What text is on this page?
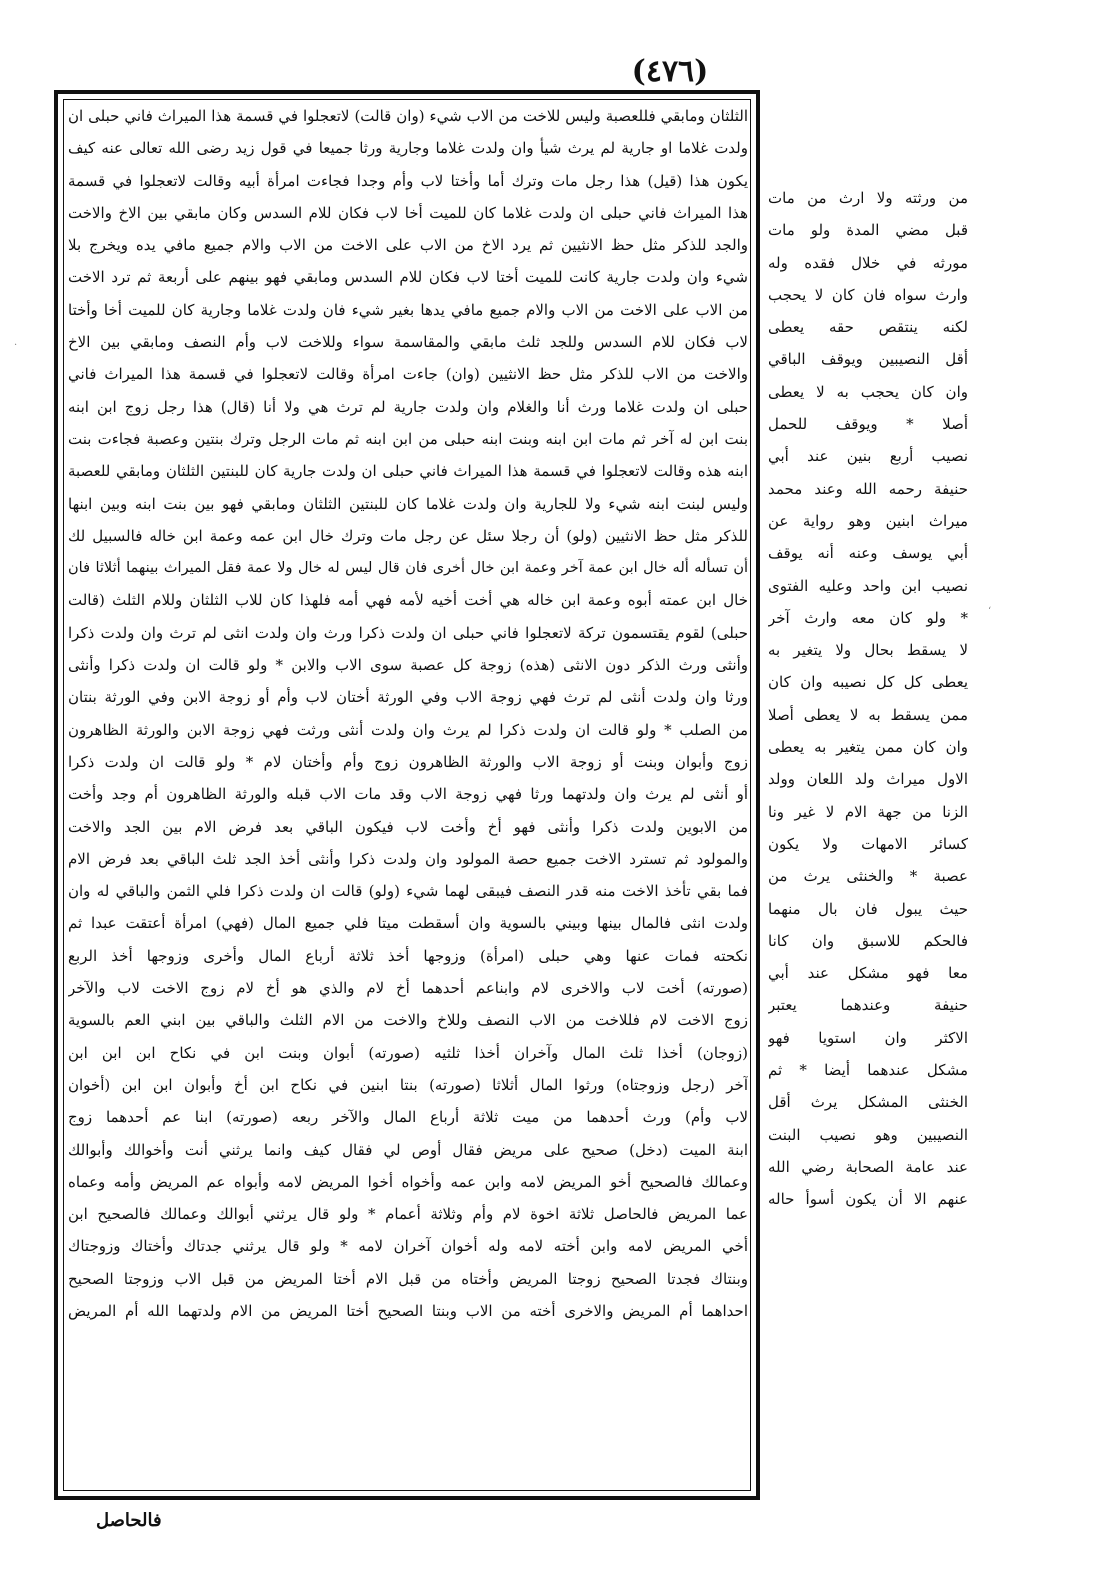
(٤٧٦)
الثلثان ومابقي فللعصبة وليس للاخت من الاب شيء (وان قالت) لاتعجلوا في قسمة هذا الميراث فاني حبلى ان
ولدت غلاما او جارية لم يرث شيأ وان ولدت غلاما وجارية ورثا جميعا في قول زيد رضى الله تعالى عنه كيف
يكون هذا (قيل) هذا رجل مات وترك أما وأختا لاب وأم وجدا فجاءت امرأة أبيه وقالت لاتعجلوا في قسمة
هذا الميراث فاني حبلى ان ولدت غلاما كان للميت أخا لاب فكان للام السدس وكان مابقي بين الاخ والاخت
والجد للذكر مثل حظ الانثيين ثم يرد الاخ من الاب على الاخت من الاب والام جميع مافي يده ويخرج بلا
شيء وان ولدت جارية كانت للميت أختا لاب فكان للام السدس ومابقي فهو بينهم على أربعة ثم ترد الاخت
من الاب على الاخت من الاب والام جميع مافي يدها بغير شيء فان ولدت غلاما وجارية كان للميت أخا وأختا
لاب فكان للام السدس وللجد ثلث مابقي والمقاسمة سواء وللاخت لاب وأم النصف ومابقي بين الاخ
والاخت من الاب للذكر مثل حظ الانثيين (وان) جاءت امرأة وقالت لاتعجلوا في قسمة هذا الميراث فاني
حبلى ان ولدت غلاما ورث أنا والغلام وان ولدت جارية لم ترث هي ولا أنا (قال) هذا رجل زوج ابن ابنه
بنت ابن له آخر ثم مات ابن ابنه وبنت ابنه حبلى من ابن ابنه ثم مات الرجل وترك بنتين وعصبة فجاءت بنت
ابنه هذه وقالت لاتعجلوا في قسمة هذا الميراث فاني حبلى ان ولدت جارية كان للبنتين الثلثان ومابقي للعصبة
وليس لبنت ابنه شيء ولا للجارية وان ولدت غلاما كان للبنتين الثلثان ومابقي فهو بين بنت ابنه وبين ابنها
للذكر مثل حظ الانثيين (ولو) أن رجلا سئل عن رجل مات وترك خال ابن عمه وعمة ابن خاله فالسبيل لك
أن تسأله أله خال ابن عمة آخر وعمة ابن خال أخرى فان قال ليس له خال ولا عمة فقل الميراث بينهما أثلاثا فان
خال ابن عمته أبوه وعمة ابن خاله هي أخت أخيه لأمه فهي أمه فلهذا كان للاب الثلثان وللام الثلث (قالت
حبلى) لقوم يقتسمون تركة لاتعجلوا فاني حبلى ان ولدت ذكرا ورث وان ولدت انثى لم ترث وان ولدت ذكرا
وأنثى ورث الذكر دون الانثى (هذه) زوجة كل عصبة سوى الاب والابن * ولو قالت ان ولدت ذكرا وأنثى
ورثا وان ولدت أنثى لم ترث فهي زوجة الاب وفي الورثة أختان لاب وأم أو زوجة الابن وفي الورثة بنتان
من الصلب * ولو قالت ان ولدت ذكرا لم يرث وان ولدت أنثى ورثت فهي زوجة الابن والورثة الظاهرون
زوج وأبوان وبنت أو زوجة الاب والورثة الظاهرون زوج وأم وأختان لام * ولو قالت ان ولدت ذكرا
أو أنثى لم يرث وان ولدتهما ورثا فهي زوجة الاب وقد مات الاب قبله والورثة الظاهرون أم وجد وأخت
من الابوين ولدت ذكرا وأنثى فهو أخ وأخت لاب فيكون الباقي بعد فرض الام بين الجد والاخت
والمولود ثم تسترد الاخت جميع حصة المولود وان ولدت ذكرا وأنثى أخذ الجد ثلث الباقي بعد فرض الام
فما بقي تأخذ الاخت منه قدر النصف فيبقى لهما شيء (ولو) قالت ان ولدت ذكرا فلي الثمن والباقي له وان
ولدت انثى فالمال بينها وبيني بالسوية وان أسقطت ميتا فلي جميع المال (فهي) امرأة أعتقت عبدا ثم
نكحته فمات عنها وهي حبلى (امرأة) وزوجها أخذ ثلاثة أرباع المال وأخرى وزوجها أخذ الربع
(صورته) أخت لاب والاخرى لام وابناعم أحدهما أخ لام والذي هو أخ لام زوج الاخت لاب والآخر
زوج الاخت لام فللاخت من الاب النصف وللاخ والاخت من الام الثلث والباقي بين ابني العم بالسوية
(زوجان) أخذا ثلث المال وآخران أخذا ثلثيه (صورته) أبوان وبنت ابن في نكاح ابن ابن ابن
آخر (رجل وزوجتاه) ورثوا المال أثلاثا (صورته) بنتا ابنين في نكاح ابن أخ وأبوان ابن ابن (أخوان
لاب وأم) ورث أحدهما من ميت ثلاثة أرباع المال والآخر ربعه (صورته) ابنا عم أحدهما زوج
ابنة الميت (دخل) صحيح على مريض فقال أوص لي فقال كيف وانما يرثني أنت وأخوالك وأبوالك
وعمالك فالصحيح أخو المريض لامه وابن عمه وأخواه أخوا المريض لامه وأبواه عم المريض وأمه وعماه
عما المريض فالحاصل ثلاثة اخوة لام وأم وثلاثة أعمام * ولو قال يرثني أبوالك وعمالك فالصحيح ابن
أخي المريض لامه وابن أخته لامه وله أخوان آخران لامه * ولو قال يرثني جدتاك وأختاك وزوجتاك
وبنتاك فجدتا الصحيح زوجتا المريض وأختاه من قبل الام أختا المريض من قبل الاب وزوجتا الصحيح
احداهما أم المريض والاخرى أخته من الاب وبنتا الصحيح أختا المريض من الام ولدتهما الله أم المريض
من ورثته ولا ارث من مات
قبل مضي المدة ولو مات
مورثه في خلال فقده وله
وارث سواه فان كان لا يحجب
لكنه ينتقص حقه يعطى
أقل النصيبين ويوقف الباقي
وان كان يحجب به لا يعطى
أصلا * ويوقف للحمل
نصيب أربع بنين عند أبي
حنيفة رحمه الله وعند محمد
ميراث ابنين وهو رواية عن
أبي يوسف وعنه أنه يوقف
نصيب ابن واحد وعليه الفتوى
* ولو كان معه وارث آخر
لا يسقط بحال ولا يتغير به
يعطى كل كل نصيبه وان كان
ممن يسقط به لا يعطى أصلا
وان كان ممن يتغير به يعطى
الاول ميراث ولد اللعان وولد
الزنا من جهة الام لا غير ونا
كسائر الامهات ولا يكون
عصبة * والخنثى يرث من
حيث يبول فان بال منهما
فالحكم للاسبق وان كانا
معا فهو مشكل عند أبي
حنيفة وعندهما يعتبر
الاكثر وان استويا فهو
مشكل عندهما أيضا * ثم
الخنثى المشكل يرث أقل
النصيبين وهو نصيب البنت
عند عامة الصحابة رضي الله
عنهم الا أن يكون أسوأ حاله
فالحاصل
·
ʻ
